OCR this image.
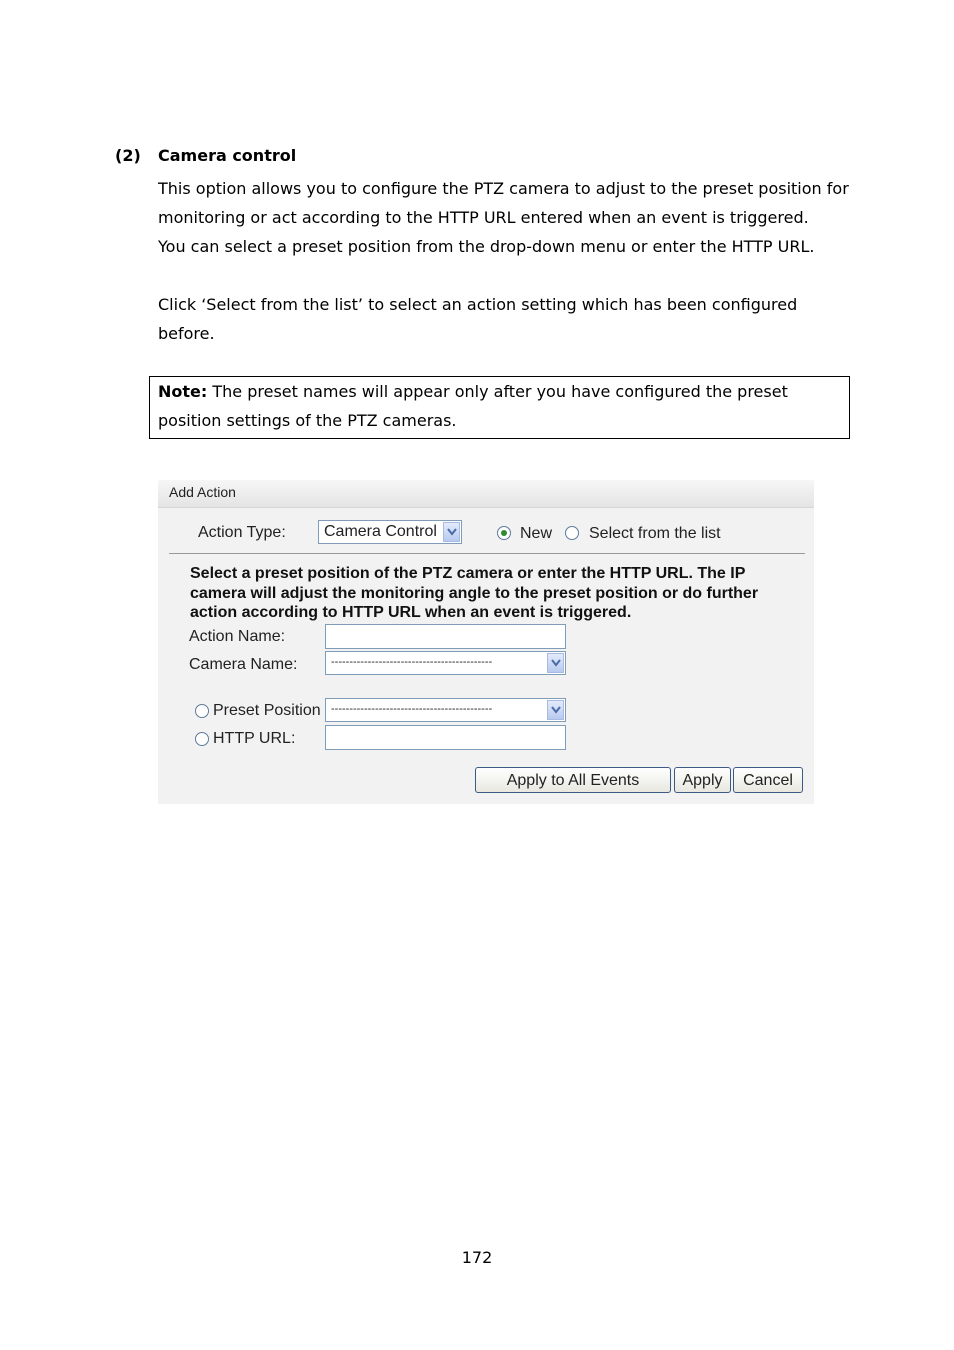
(2) Camera control
This option allows you to configure the PTZ camera to adjust to the preset position for
monitoring or act according to the HTTP URL entered when an event is triggered.
You can select a preset position from the drop-down menu or enter the HTTP URL.
Click ‘Select from the list’ to select an action setting which has been configured
before.
Note: The preset names will appear only after you have configured the preset
position settings of the PTZ cameras.
Add Action
Action Type: Camera Control	New Select from the list
Select a preset position of the PTZ camera or enter the HTTP URL. The IP
camera will adjust the monitoring angle to the preset position or do further
action according to HTTP URL when an event is triggered.
Action Name:
Camera Name:	--------------------------------------------
Preset Position --------------------------------------------
HTTP URL:
Apply to All Events	Apply	Cancel
172
